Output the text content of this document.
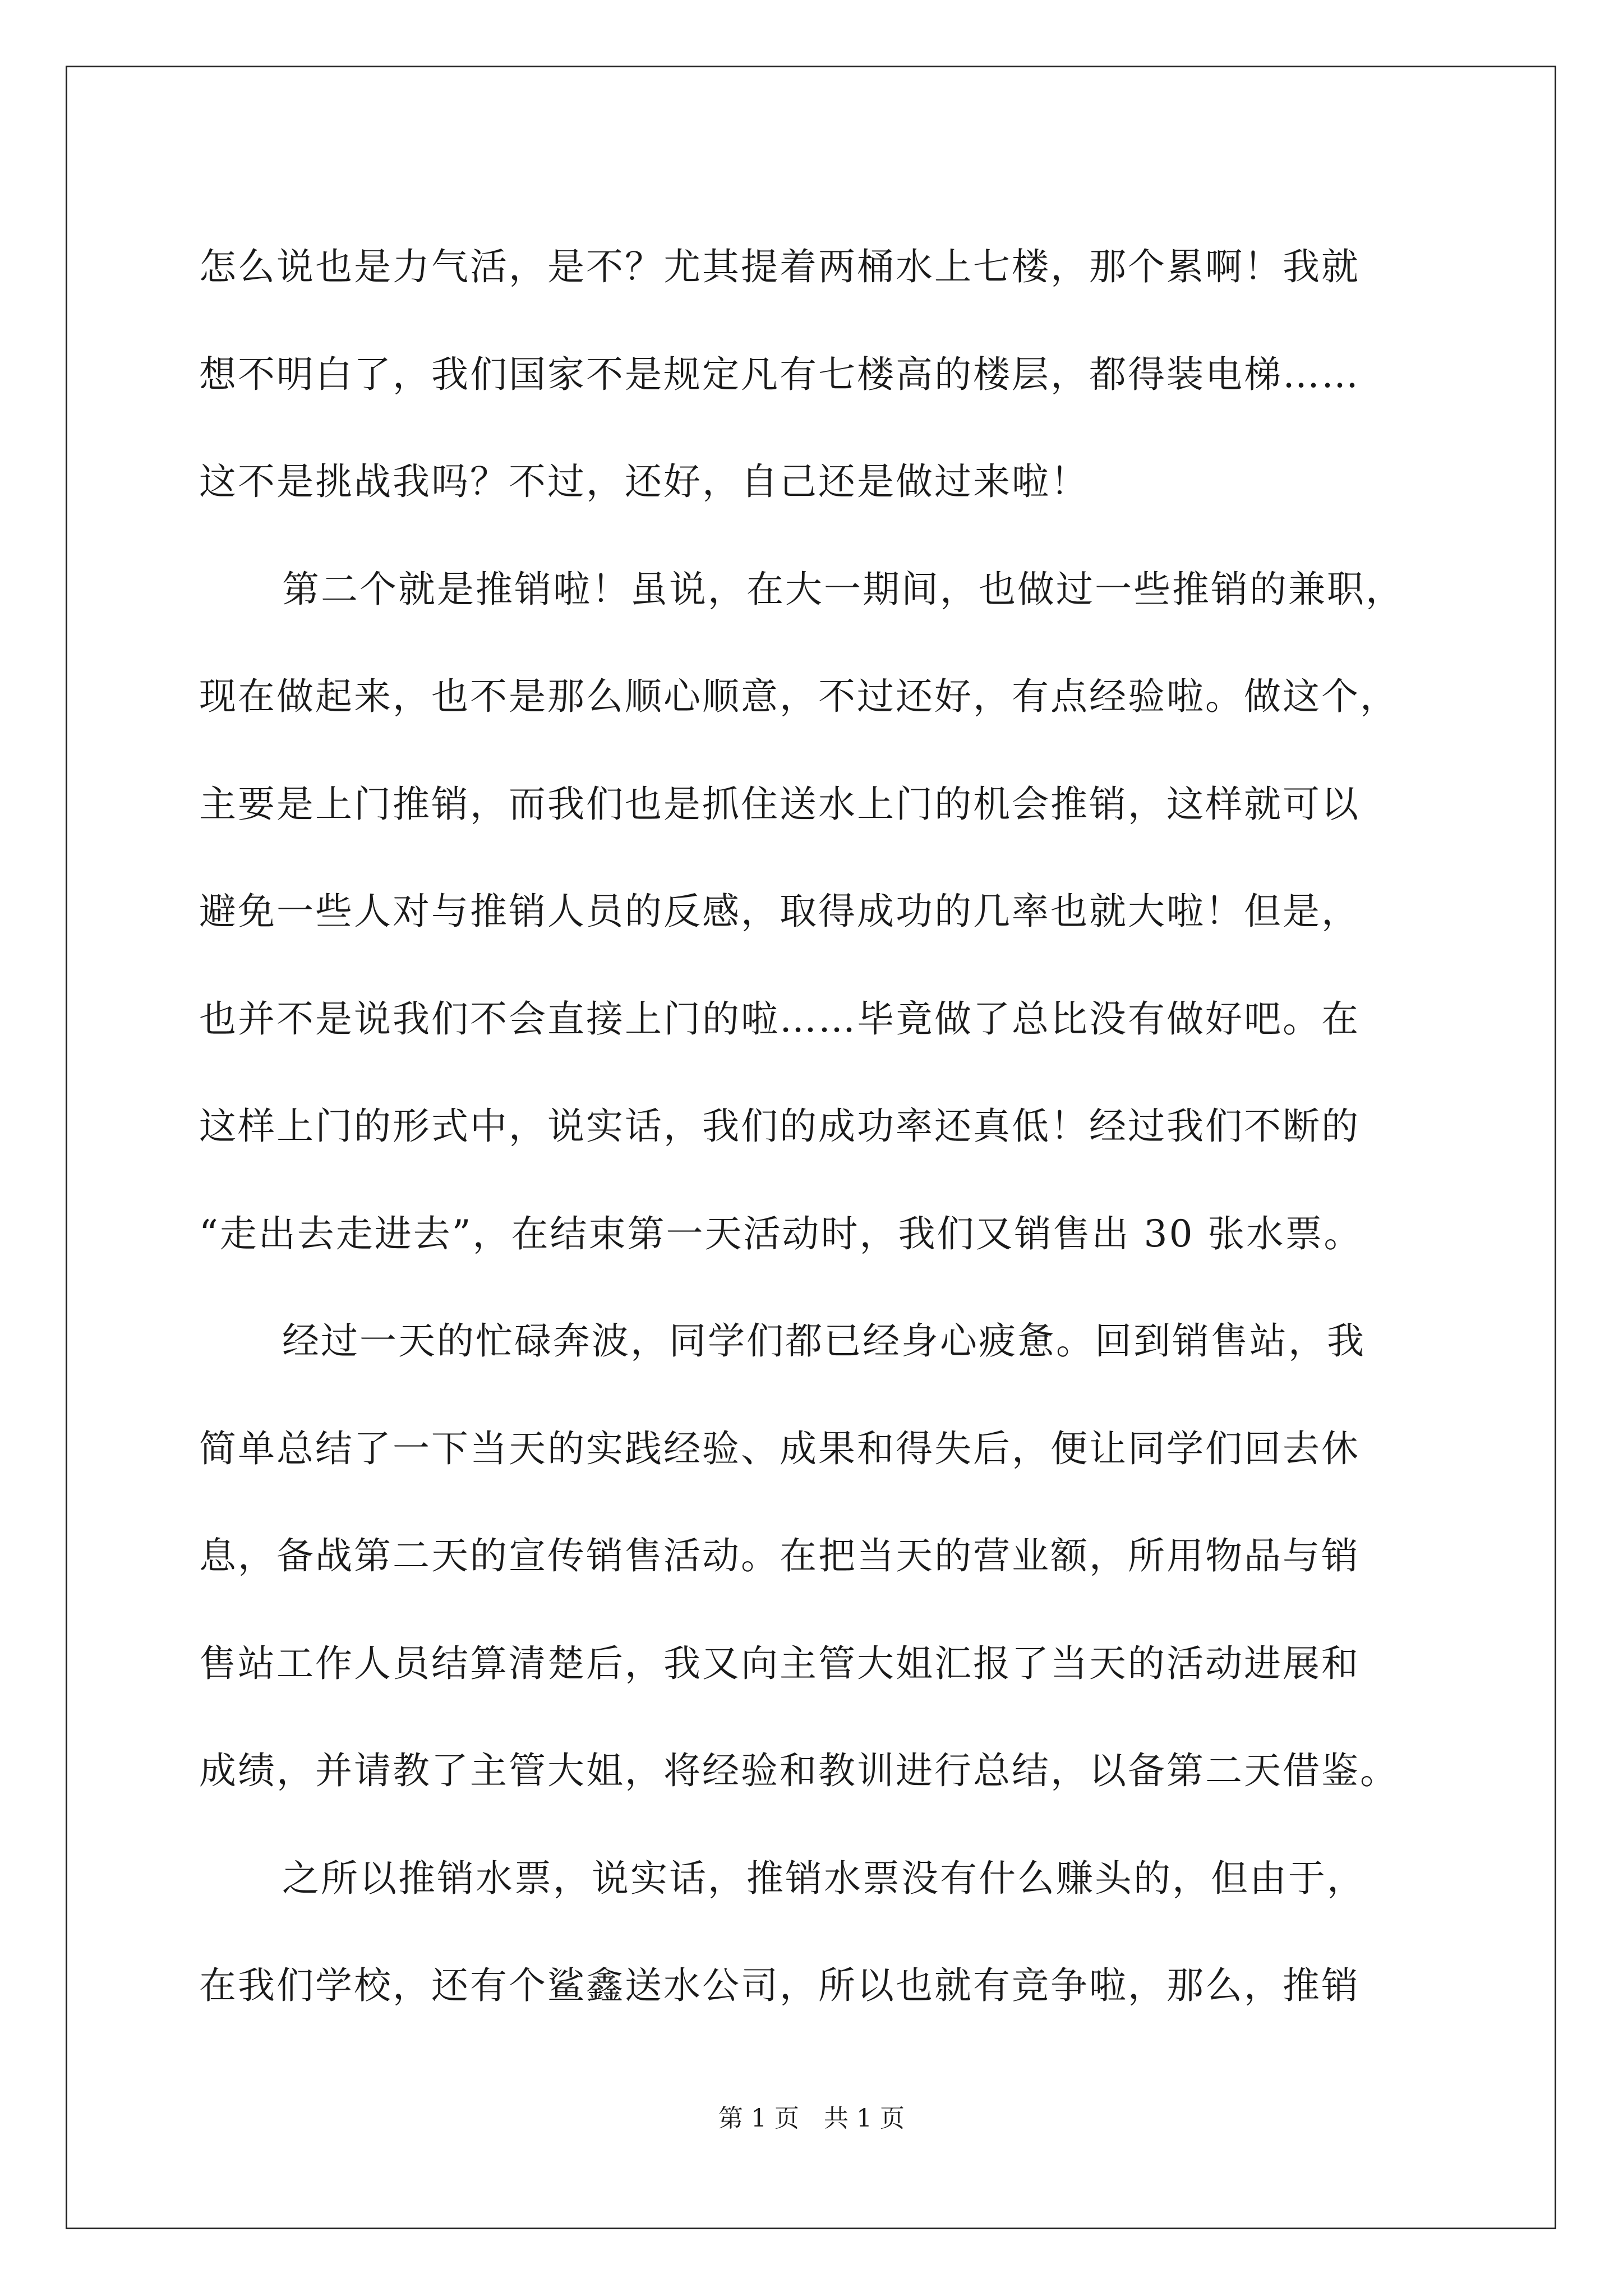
怎么说也是力气活，是不？尤其提着两桶水上七楼，那个累啊！我就
想不明白了，我们国家不是规定凡有七楼高的楼层，都得装电梯……
这不是挑战我吗？不过，还好，自己还是做过来啦！
第二个就是推销啦！虽说，在大一期间，也做过一些推销的兼职，
现在做起来，也不是那么顺心顺意，不过还好，有点经验啦。做这个，
主要是上门推销，而我们也是抓住送水上门的机会推销，这样就可以
避免一些人对与推销人员的反感，取得成功的几率也就大啦！但是，
也并不是说我们不会直接上门的啦……毕竟做了总比没有做好吧。在
这样上门的形式中，说实话，我们的成功率还真低！经过我们不断的
“走出去走进去”，在结束第一天活动时，我们又销售出 30 张水票。
经过一天的忙碌奔波，同学们都已经身心疲惫。回到销售站，我
简单总结了一下当天的实践经验、成果和得失后，便让同学们回去休
息，备战第二天的宣传销售活动。在把当天的营业额，所用物品与销
售站工作人员结算清楚后，我又向主管大姐汇报了当天的活动进展和
成绩，并请教了主管大姐，将经验和教训进行总结，以备第二天借鉴。
之所以推销水票，说实话，推销水票没有什么赚头的，但由于，
在我们学校，还有个鲨鑫送水公司，所以也就有竞争啦，那么，推销
第 1 页 共 1 页
